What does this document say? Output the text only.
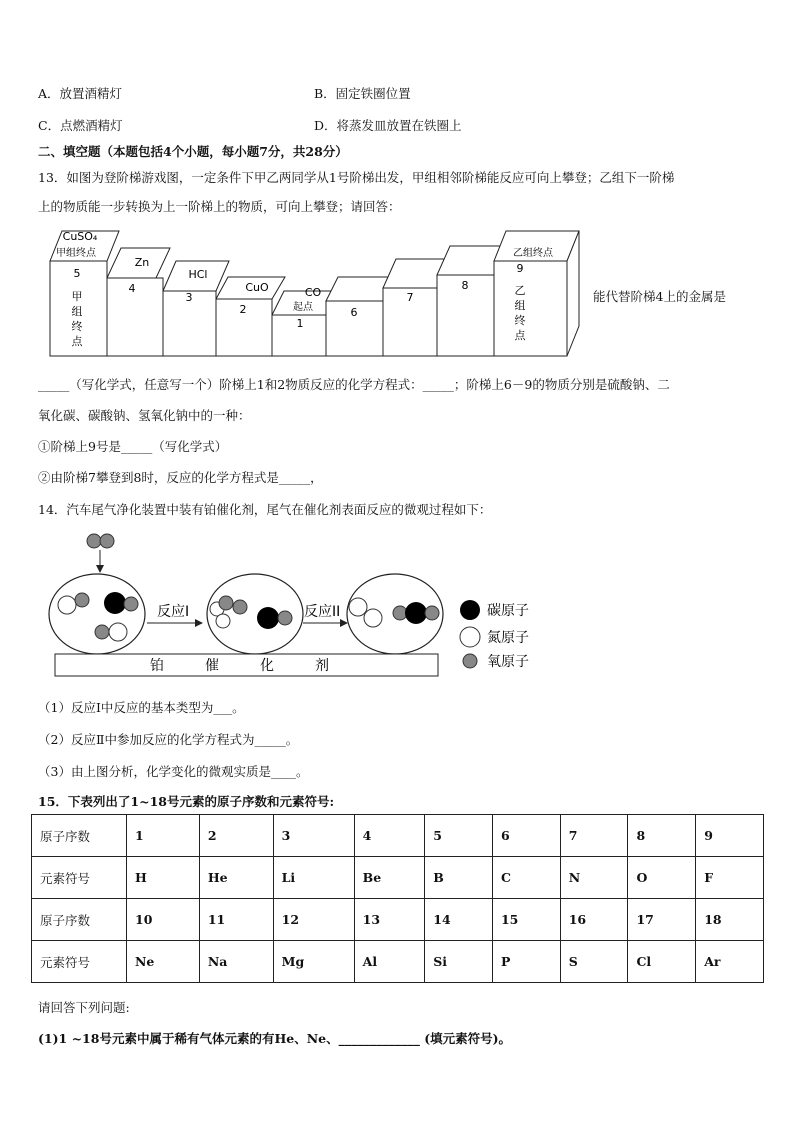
A．放置酒精灯	B．固定铁圈位置
C．点燃酒精灯	D．将蒸发皿放置在铁圈上
二、填空题（本题包括4个小题，每小题7分，共28分）
13．如图为登阶梯游戏图，一定条件下甲乙两同学从1号阶梯出发，甲组相邻阶梯能反应可向上攀登；乙组下一阶梯
上的物质能一步转换为上一阶梯上的物质，可向上攀登；请回答：
CuSO₄
甲组终点
Zn
HCl
CuO	CO
起点
乙组终点
5
4
3
2
1
6
7
8
9
甲
组
终
点
乙
组
终
点
能代替阶梯4上的金属是
_____（写化学式，任意写一个）阶梯上1和2物质反应的化学方程式：_____；阶梯上6－9的物质分别是硫酸钠、二
氧化碳、碳酸钠、氢氧化钠中的一种：
①阶梯上9号是_____（写化学式）
②由阶梯7攀登到8时，反应的化学方程式是_____，
14．汽车尾气净化装置中装有铂催化剂，尾气在催化剂表面反应的微观过程如下：
反应I	反应II
铂	催	化	剂
碳原子
氮原子
氧原子
（1）反应Ⅰ中反应的基本类型为___。
（2）反应Ⅱ中参加反应的化学方程式为_____。
（3）由上图分析，化学变化的微观实质是____。
15．下表列出了1~18号元素的原子序数和元素符号:
原子序数	1	2	3	4	5	6	7	8	9
元素符号	H	He	Li	Be	B	C	N	O	F
原子序数	10	11	12	13	14	15	16	17	18
元素符号	Ne	Na	Mg	Al	Si	P	S	Cl	Ar
请回答下列问题:
(1)1 ~18号元素中属于稀有气体元素的有He、Ne、_____________ (填元素符号)。
